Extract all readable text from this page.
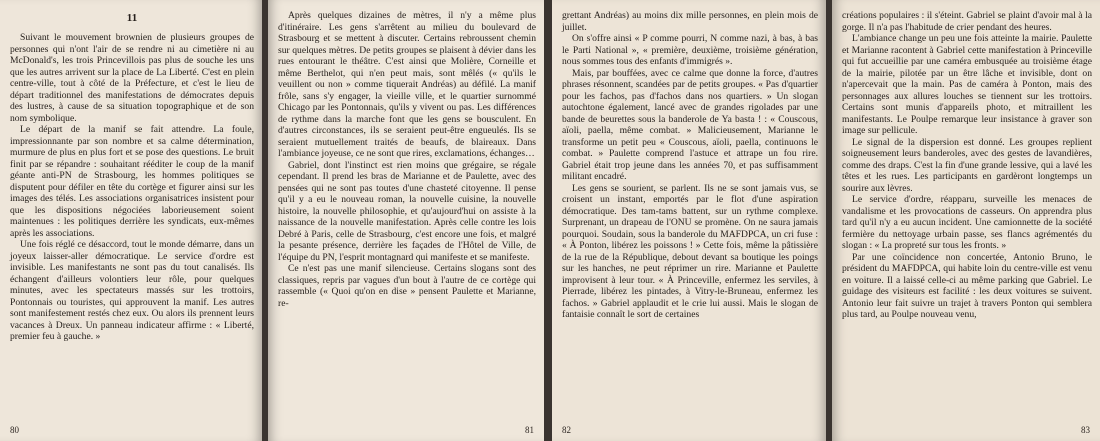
11

Suivant le mouvement brownien de plusieurs groupes de personnes qui n'ont l'air de se rendre ni au cimetière ni au McDonald's, les trois Princevillois pas plus de souche les uns que les autres arrivent sur la place de La Liberté. C'est en plein centre-ville, tout à côté de la Préfecture, et c'est le lieu de départ traditionnel des manifestations de démocrates depuis des lustres, à cause de sa situation topographique et de son nom symbolique.

Le départ de la manif se fait attendre. La foule, impressionnante par son nombre et sa calme détermination, murmure de plus en plus fort et se pose des questions. Le bruit finit par se répandre : souhaitant rééditer le coup de la manif géante anti-PN de Strasbourg, les hommes politiques se disputent pour défiler en tête du cortège et figurer ainsi sur les images des télés. Les associations organisatrices insistent pour que les dispositions négociées laborieusement soient maintenues : les politiques derrière les syndicats, eux-mêmes après les associations.

Une fois réglé ce désaccord, tout le monde démarre, dans un joyeux laisser-aller démocratique. Le service d'ordre est invisible. Les manifestants ne sont pas du tout canalisés. Ils échangent d'ailleurs volontiers leur rôle, pour quelques minutes, avec les spectateurs massés sur les trottoirs, Pontonnais ou touristes, qui approuvent la manif. Les autres sont manifestement restés chez eux. Ou alors ils prennent leurs vacances à Dreux. Un panneau indicateur affirme : « Liberté, premier feu à gauche. »

80

Après quelques dizaines de mètres, il n'y a même plus d'itinéraire. Les gens s'arrêtent au milieu du boulevard de Strasbourg et se mettent à discuter. Certains rebroussent chemin sur quelques mètres. De petits groupes se plaisent à dévier dans les rues entourant le théâtre. C'est ainsi que Molière, Corneille et même Berthelot, qui n'en peut mais, sont mêlés (« qu'ils le veuillent ou non » comme tiquerait Andréas) au défilé. La manif frôle, sans s'y engager, la vieille ville, et le quartier surnommé Chicago par les Pontonnais, qu'ils y vivent ou pas. Les différences de rythme dans la marche font que les gens se bousculent. En d'autres circonstances, ils se seraient peut-être engueulés. Ils se seraient mutuellement traités de beaufs, de blaireaux. Dans l'ambiance joyeuse, ce ne sont que rires, exclamations, échanges…

Gabriel, dont l'instinct est rien moins que grégaire, se régale cependant. Il prend les bras de Marianne et de Paulette, avec des pensées qui ne sont pas toutes d'une chasteté citoyenne. Il pense qu'il y a eu le nouveau roman, la nouvelle cuisine, la nouvelle histoire, la nouvelle philosophie, et qu'aujourd'hui on assiste à la naissance de la nouvelle manifestation. Après celle contre les lois Debré à Paris, celle de Strasbourg, c'est encore une fois, et malgré la pesante présence, derrière les façades de l'Hôtel de Ville, de l'équipe du PN, l'esprit montagnard qui manifeste et se manifeste.

Ce n'est pas une manif silencieuse. Certains slogans sont des classiques, repris par vagues d'un bout à l'autre de ce cortège qui rassemble (« Quoi qu'on en dise » pensent Paulette et Marianne, re-

81

grettant Andréas) au moins dix mille personnes, en plein mois de juillet.

On s'offre ainsi « P comme pourri, N comme nazi, à bas, à bas le Parti National », « première, deuxième, troisième génération, nous sommes tous des enfants d'immigrés ».

Mais, par bouffées, avec ce calme que donne la force, d'autres phrases résonnent, scandées par de petits groupes. « Pas d'quartier pour les fachos, pas d'fachos dans nos quartiers. » Un slogan autochtone également, lancé avec de grandes rigolades par une bande de beurettes sous la banderole de Ya basta ! : « Couscous, aïoli, paella, même combat. » Malicieusement, Marianne le transforme un petit peu « Couscous, aïoli, paella, continuons le combat. » Paulette comprend l'astuce et attrape un fou rire. Gabriel était trop jeune dans les années 70, et pas suffisamment militant encadré.

Les gens se sourient, se parlent. Ils ne se sont jamais vus, se croisent un instant, emportés par le flot d'une aspiration démocratique. Des tam-tams battent, sur un rythme complexe. Surprenant, un drapeau de l'ONU se promène. On ne saura jamais pourquoi. Soudain, sous la banderole du MAFDPCA, un cri fuse : « À Ponton, libérez les poissons ! » Cette fois, même la pâtissière de la rue de la République, debout devant sa boutique les poings sur les hanches, ne peut réprimer un rire. Marianne et Paulette improvisent à leur tour. « À Princeville, enfermez les serviles, à Pierrade, libérez les pintades, à Vitry-le-Bruneau, enfermez les fachos. » Gabriel applaudit et le crie lui aussi. Mais le slogan de fantaisie connaît le sort de certaines

82

créations populaires : il s'éteint. Gabriel se plaint d'avoir mal à la gorge. Il n'a pas l'habitude de crier pendant des heures.

L'ambiance change un peu une fois atteinte la mairie. Paulette et Marianne racontent à Gabriel cette manifestation à Princeville qui fut accueillie par une caméra embusquée au troisième étage de la mairie, pilotée par un être lâche et invisible, dont on n'apercevait que la main. Pas de caméra à Ponton, mais des personnages aux allures louches se tiennent sur les trottoirs. Certains sont munis d'appareils photo, et mitraillent les manifestants. Le Poulpe remarque leur insistance à graver son image sur pellicule.

Le signal de la dispersion est donné. Les groupes replient soigneusement leurs banderoles, avec des gestes de lavandières, comme des draps. C'est la fin d'une grande lessive, qui a lavé les têtes et les rues. Les participants en gardèront longtemps un sourire aux lèvres.

Le service d'ordre, réapparu, surveille les menaces de vandalisme et les provocations de casseurs. On apprendra plus tard qu'il n'y a eu aucun incident. Une camionnette de la société fermière du nettoyage urbain passe, ses flancs agrémentés du slogan : « La propreté sur tous les fronts. »

Par une coïncidence non concertée, Antonio Bruno, le président du MAFDPCA, qui habite loin du centre-ville est venu en voiture. Il a laissé celle-ci au même parking que Gabriel. Le guidage des visiteurs est facilité : les deux voitures se suivent. Antonio leur fait suivre un trajet à travers Ponton qui semblera plus tard, au Poulpe nouveau venu,

83
